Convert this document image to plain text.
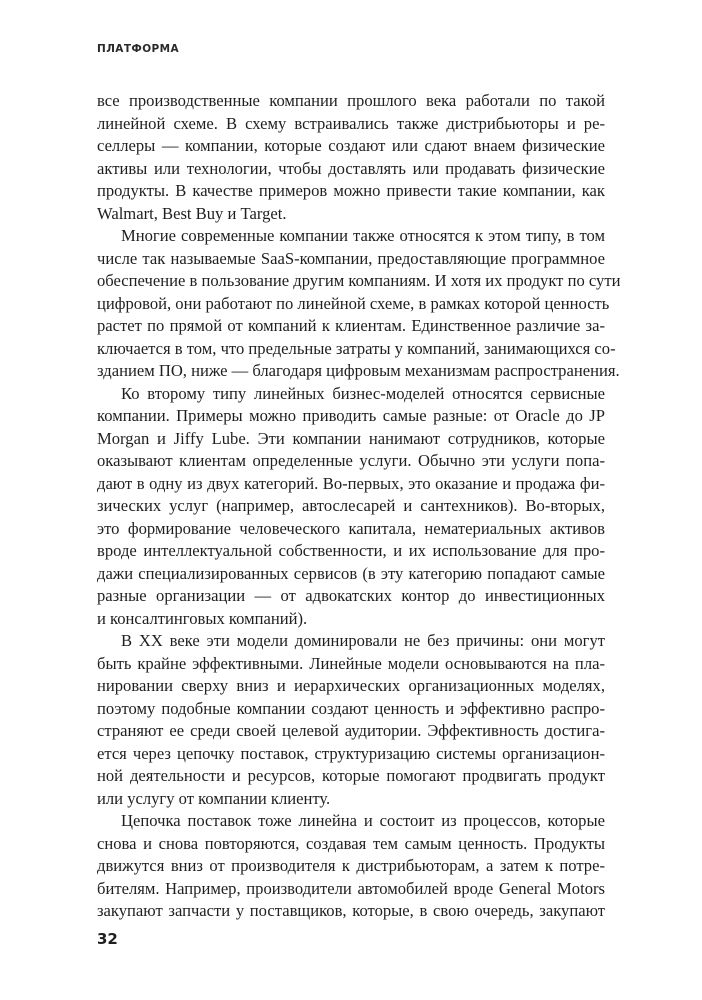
ПЛАТФОРМА
все производственные компании прошлого века работали по такой
линейной схеме. В схему встраивались также дистрибьюторы и ре-
селлеры — компании, которые создают или сдают внаем физические
активы или технологии, чтобы доставлять или продавать физические
продукты. В качестве примеров можно привести такие компании, как
Walmart, Best Buy и Target.
Многие современные компании также относятся к этом типу, в том
числе так называемые SaaS-компании, предоставляющие программное
обеспечение в пользование другим компаниям. И хотя их продукт по сути
цифровой, они работают по линейной схеме, в рамках которой ценность
растет по прямой от компаний к клиентам. Единственное различие за-
ключается в том, что предельные затраты у компаний, занимающихся со-
зданием ПО, ниже — благодаря цифровым механизмам распространения.
Ко второму типу линейных бизнес-моделей относятся сервисные
компании. Примеры можно приводить самые разные: от Oracle до JP
Morgan и Jiffy Lube. Эти компании нанимают сотрудников, которые
оказывают клиентам определенные услуги. Обычно эти услуги попа-
дают в одну из двух категорий. Во-первых, это оказание и продажа фи-
зических услуг (например, автослесарей и сантехников). Во-вторых,
это формирование человеческого капитала, нематериальных активов
вроде интеллектуальной собственности, и их использование для про-
дажи специализированных сервисов (в эту категорию попадают самые
разные организации — от адвокатских контор до инвестиционных
и консалтинговых компаний).
В XX веке эти модели доминировали не без причины: они могут
быть крайне эффективными. Линейные модели основываются на пла-
нировании сверху вниз и иерархических организационных моделях,
поэтому подобные компании создают ценность и эффективно распро-
страняют ее среди своей целевой аудитории. Эффективность достига-
ется через цепочку поставок, структуризацию системы организацион-
ной деятельности и ресурсов, которые помогают продвигать продукт
или услугу от компании клиенту.
Цепочка поставок тоже линейна и состоит из процессов, которые
снова и снова повторяются, создавая тем самым ценность. Продукты
движутся вниз от производителя к дистрибьюторам, а затем к потре-
бителям. Например, производители автомобилей вроде General Motors
закупают запчасти у поставщиков, которые, в свою очередь, закупают
32
